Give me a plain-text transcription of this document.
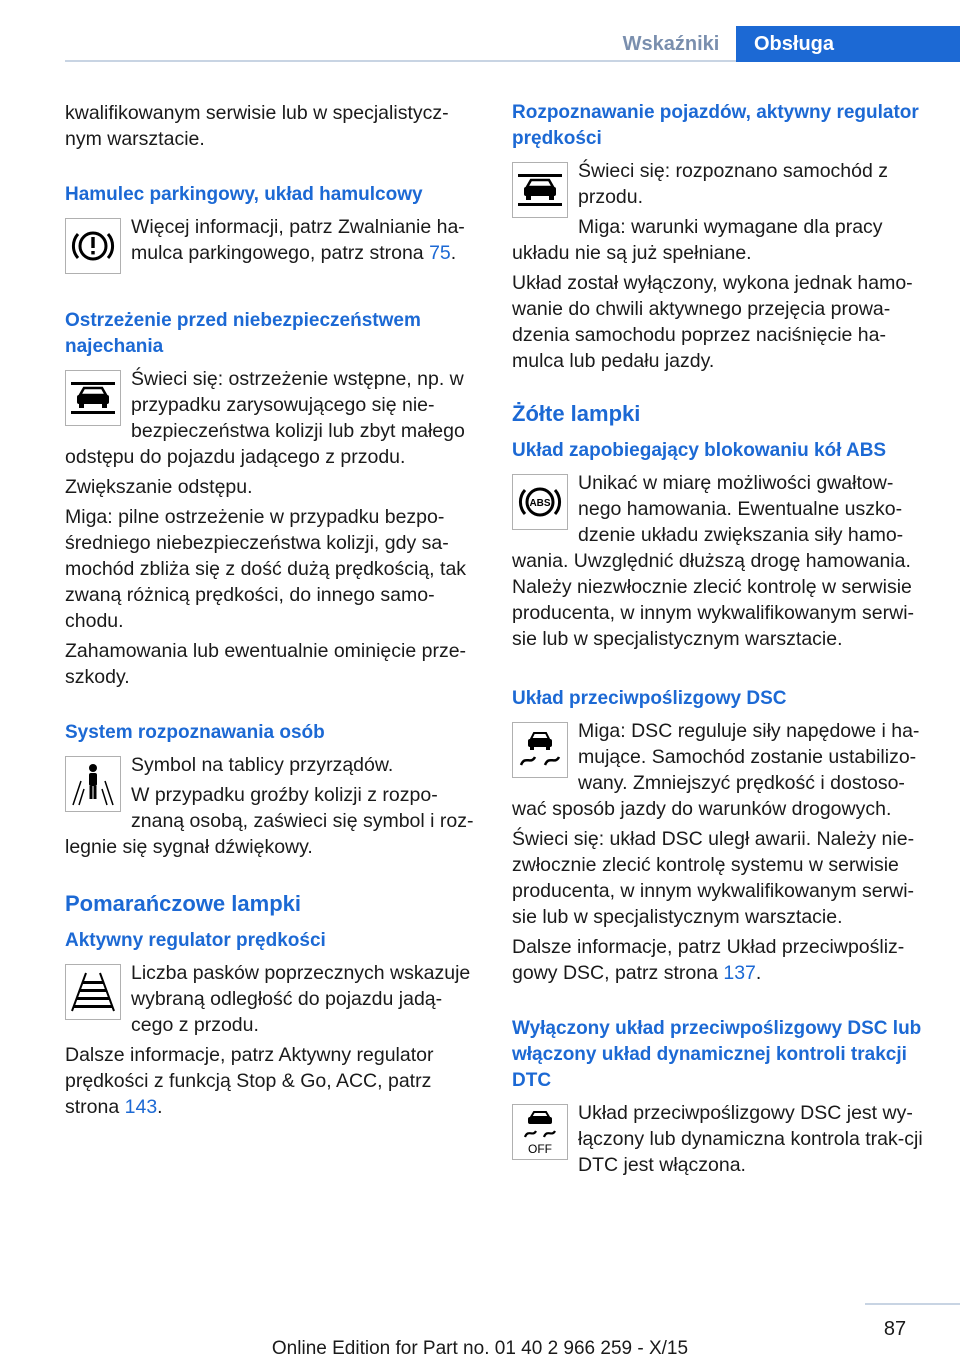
Wskaźniki	Obsługa
kwalifikowanym serwisie lub w specjalistycz-nym warsztacie.
Hamulec parkingowy, układ hamulcowy
Więcej informacji, patrz Zwalnianie ha-mulca parkingowego, patrz strona 75.
Ostrzeżenie przed niebezpieczeństwem najechania
Świeci się: ostrzeżenie wstępne, np. w przypadku zarysowującego się nie-bezpieczeństwa kolizji lub zbyt małego odstępu do pojazdu jadącego z przodu.
Zwiększanie odstępu.
Miga: pilne ostrzeżenie w przypadku bezpo-średniego niebezpieczeństwa kolizji, gdy sa-mochód zbliża się z dość dużą prędkością, tak zwaną różnicą prędkości, do innego samo-chodu.
Zahamowania lub ewentualnie ominięcie prze-szkody.
System rozpoznawania osób
Symbol na tablicy przyrządów.
W przypadku groźby kolizji z rozpo-znaną osobą, zaświeci się symbol i roz-legnie się sygnał dźwiękowy.
Pomarańczowe lampki
Aktywny regulator prędkości
Liczba pasków poprzecznych wskazuje wybraną odległość do pojazdu jadą-cego z przodu.
Dalsze informacje, patrz Aktywny regulator prędkości z funkcją Stop & Go, ACC, patrz strona 143.
Rozpoznawanie pojazdów, aktywny regulator prędkości
Świeci się: rozpoznano samochód z przodu.
Miga: warunki wymagane dla pracy układu nie są już spełniane.
Układ został wyłączony, wykona jednak hamo-wanie do chwili aktywnego przejęcia prowa-dzenia samochodu poprzez naciśnięcie ha-mulca lub pedału jazdy.
Żółte lampki
Układ zapobiegający blokowaniu kół ABS
ABS
Unikać w miarę możliwości gwałtow-nego hamowania. Ewentualne uszko-dzenie układu zwiększania siły hamo-wania. Uwzględnić dłuższą drogę hamowania. Należy niezwłocznie zlecić kontrolę w serwisie producenta, w innym wykwalifikowanym serwi-sie lub w specjalistycznym warsztacie.
Układ przeciwpoślizgowy DSC
Miga: DSC reguluje siły napędowe i ha-mujące. Samochód zostanie ustabilizo-wany. Zmniejszyć prędkość i dostoso-wać sposób jazdy do warunków drogowych.
Świeci się: układ DSC uległ awarii. Należy nie-zwłocznie zlecić kontrolę systemu w serwisie producenta, w innym wykwalifikowanym serwi-sie lub w specjalistycznym warsztacie.
Dalsze informacje, patrz Układ przeciwpośliz-gowy DSC, patrz strona 137.
Wyłączony układ przeciwpoślizgowy DSC lub włączony układ dynamicznej kontroli trakcji DTC
OFF
Układ przeciwpoślizgowy DSC jest wy-łączony lub dynamiczna kontrola trak-cji DTC jest włączona.
87
Online Edition for Part no. 01 40 2 966 259 - X/15
